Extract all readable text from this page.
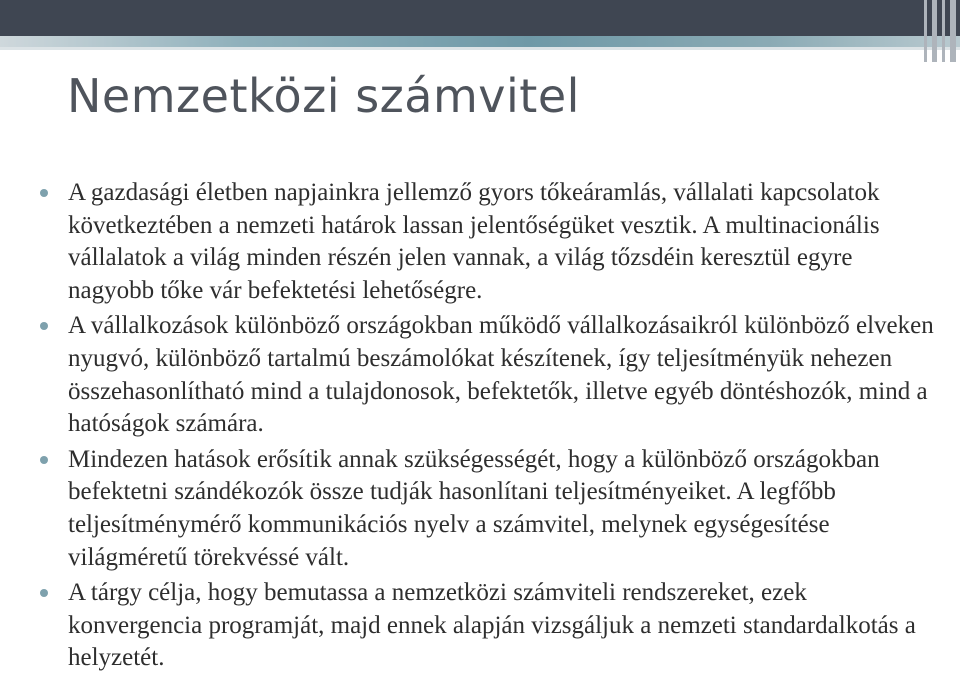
Nemzetközi számvitel
A gazdasági életben napjainkra jellemző gyors tőkeáramlás, vállalati kapcsolatok következtében a nemzeti határok lassan jelentőségüket vesztik. A multinacionális vállalatok a világ minden részén jelen vannak, a világ tőzsdéin keresztül egyre nagyobb tőke vár befektetési lehetőségre.
A vállalkozások különböző országokban működő vállalkozásaikról különböző elveken nyugvó, különböző tartalmú beszámolókat készítenek, így teljesítményük nehezen összehasonlítható mind a tulajdonosok, befektetők, illetve egyéb döntéshozók, mind a hatóságok számára.
Mindezen hatások erősítik annak szükségességét, hogy a különböző országokban befektetni szándékozók össze tudják hasonlítani teljesítményeiket. A legfőbb teljesítménymérő kommunikációs nyelv a számvitel, melynek egységesítése világméretű törekvéssé vált.
A tárgy célja, hogy bemutassa a nemzetközi számviteli rendszereket, ezek konvergencia programját, majd ennek alapján vizsgáljuk a nemzeti standardalkotás a helyzetét.
